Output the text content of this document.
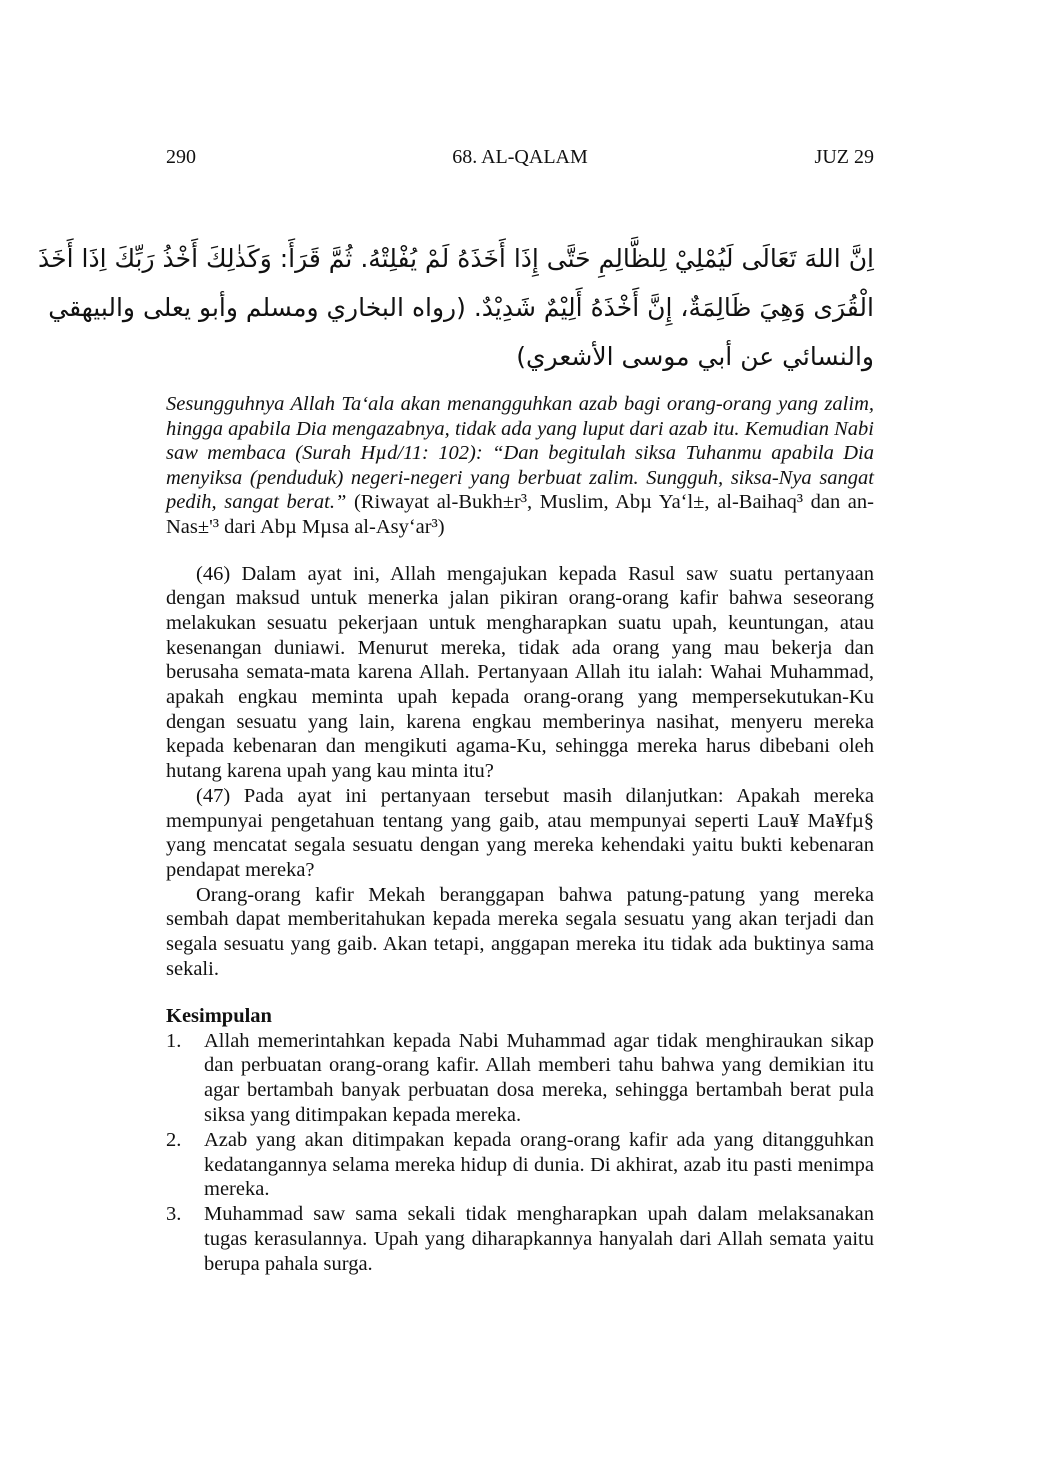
290	68. AL-QALAM	JUZ 29
اِنَّ اللهَ تَعَالَى لَيُمْلِيْ لِلظَّالِمِ حَتَّى إِذَا أَخَذَهُ لَمْ يُفْلِتْهُ. ثُمَّ قَرَأَ: وَكَذٰلِكَ أَخْذُ رَبِّكَ اِذَا أَخَذَ
الْقُرَى وَهِيَ ظَالِمَةٌ، إِنَّ أَخْذَهُ أَلِيْمٌ شَدِيْدٌ. (رواه البخاري ومسلم وأبو يعلى والبيهقي
والنسائي عن أبي موسى الأشعري)
Sesungguhnya Allah Ta‘ala akan menangguhkan azab bagi orang-orang yang zalim, hingga apabila Dia mengazabnya, tidak ada yang luput dari azab itu. Kemudian Nabi saw membaca (Surah Hµd/11: 102): “Dan begitulah siksa Tuhanmu apabila Dia menyiksa (penduduk) negeri-negeri yang berbuat zalim. Sungguh, siksa-Nya sangat pedih, sangat berat.” (Riwayat al-Bukh±r³, Muslim, Abµ Ya‘l±, al-Baihaq³ dan an-Nas±'³ dari Abµ Mµsa al-Asy‘ar³)

(46) Dalam ayat ini, Allah mengajukan kepada Rasul saw suatu pertanyaan dengan maksud untuk menerka jalan pikiran orang-orang kafir bahwa seseorang melakukan sesuatu pekerjaan untuk mengharapkan suatu upah, keuntungan, atau kesenangan duniawi. Menurut mereka, tidak ada orang yang mau bekerja dan berusaha semata-mata karena Allah. Pertanyaan Allah itu ialah: Wahai Muhammad, apakah engkau meminta upah kepada orang-orang yang mempersekutukan-Ku dengan sesuatu yang lain, karena engkau memberinya nasihat, menyeru mereka kepada kebenaran dan mengikuti agama-Ku, sehingga mereka harus dibebani oleh hutang karena upah yang kau minta itu?

(47) Pada ayat ini pertanyaan tersebut masih dilanjutkan: Apakah mereka mempunyai pengetahuan tentang yang gaib, atau mempunyai seperti Lau¥ Ma¥fµ§ yang mencatat segala sesuatu dengan yang mereka kehendaki yaitu bukti kebenaran pendapat mereka?

Orang-orang kafir Mekah beranggapan bahwa patung-patung yang mereka sembah dapat memberitahukan kepada mereka segala sesuatu yang akan terjadi dan segala sesuatu yang gaib. Akan tetapi, anggapan mereka itu tidak ada buktinya sama sekali.

Kesimpulan
1. Allah memerintahkan kepada Nabi Muhammad agar tidak menghiraukan sikap dan perbuatan orang-orang kafir. Allah memberi tahu bahwa yang demikian itu agar bertambah banyak perbuatan dosa mereka, sehingga bertambah berat pula siksa yang ditimpakan kepada mereka.
2. Azab yang akan ditimpakan kepada orang-orang kafir ada yang ditangguhkan kedatangannya selama mereka hidup di dunia. Di akhirat, azab itu pasti menimpa mereka.
3. Muhammad saw sama sekali tidak mengharapkan upah dalam melaksanakan tugas kerasulannya. Upah yang diharapkannya hanyalah dari Allah semata yaitu berupa pahala surga.
